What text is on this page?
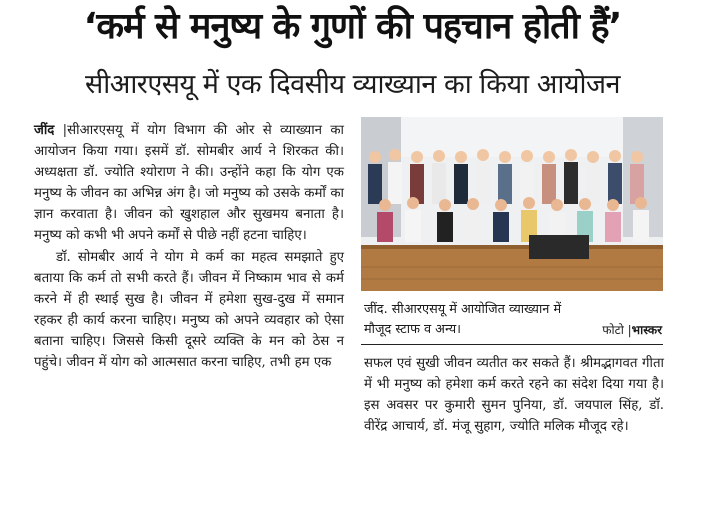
‘कर्म से मनुष्य के गुणों की पहचान होती हैं’
सीआरएसयू में एक दिवसीय व्याख्यान का किया आयोजन

जींद |सीआरएसयू में योग विभाग की ओर से व्याख्यान का आयोजन किया गया। इसमें डॉ. सोमबीर आर्य ने शिरकत की। अध्यक्षता डॉ. ज्योति श्योराण ने की। उन्होंने कहा कि योग एक मनुष्य के जीवन का अभिन्न अंग है। जो मनुष्य को उसके कर्मों का ज्ञान करवाता है। जीवन को खुशहाल और सुखमय बनाता है। मनुष्य को कभी भी अपने कर्मों से पीछे नहीं हटना चाहिए।

डॉ. सोमबीर आर्य ने योग मे कर्म का महत्व समझाते हुए बताया कि कर्म तो सभी करते हैं। जीवन में निष्काम भाव से कर्म करने में ही स्थाई सुख है। जीवन में हमेशा सुख-दुख में समान रहकर ही कार्य करना चाहिए। मनुष्य को अपने व्यवहार को ऐसा बताना चाहिए। जिससे किसी दूसरे व्यक्ति के मन को ठेस न पहुंचे। जीवन में योग को आत्मसात करना चाहिए, तभी हम एक

जींद. सीआरएसयू में आयोजित व्याख्यान में
मौजूद स्टाफ व अन्य।	फोटो |भास्कर

सफल एवं सुखी जीवन व्यतीत कर सकते हैं। श्रीमद्भागवत गीता में भी मनुष्य को हमेशा कर्म करते रहने का संदेश दिया गया है। इस अवसर पर कुमारी सुमन पुनिया, डॉ. जयपाल सिंह, डॉ. वीरेंद्र आचार्य, डॉ. मंजू सुहाग, ज्योति मलिक मौजूद रहे।
